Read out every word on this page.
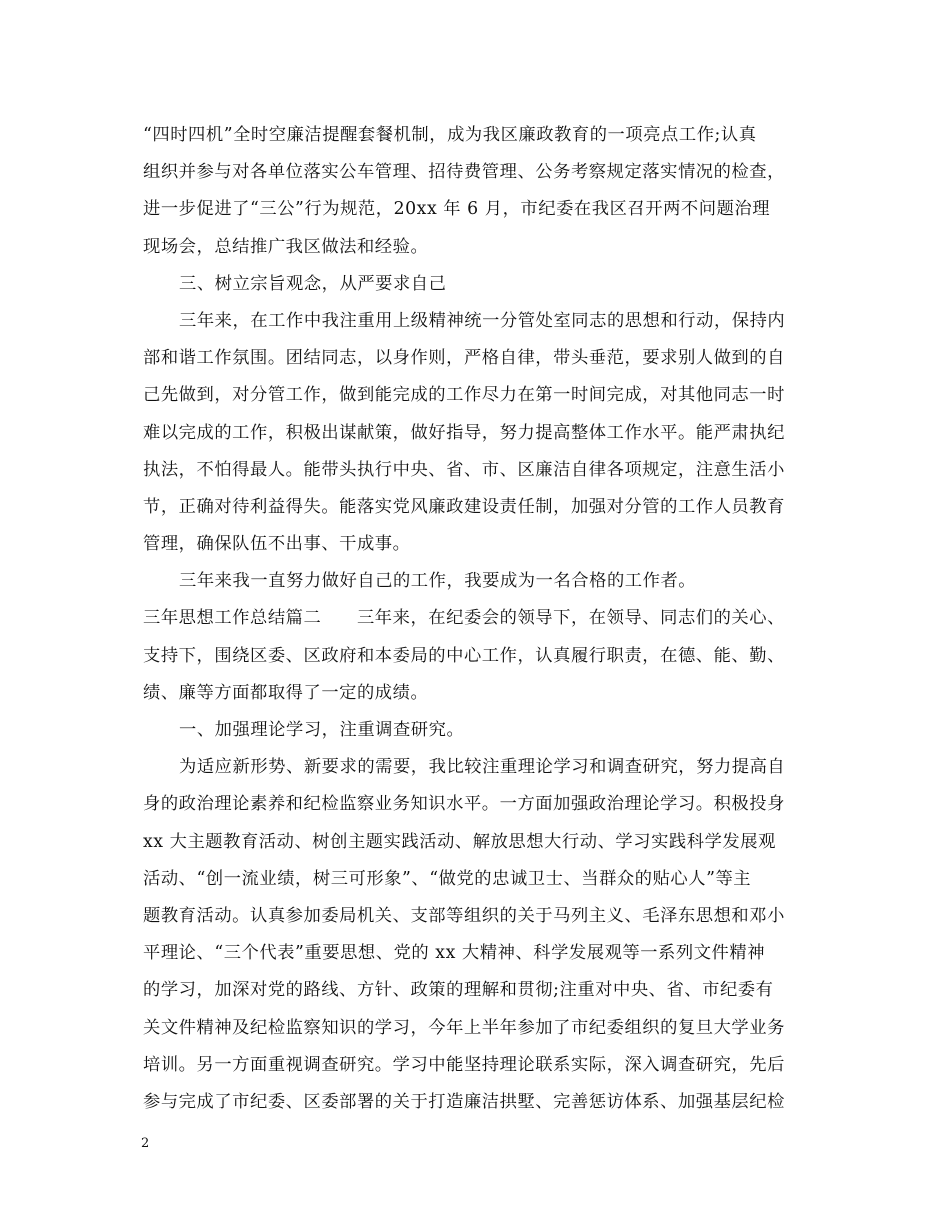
“四时四机”全时空廉洁提醒套餐机制，成为我区廉政教育的一项亮点工作;认真
组织并参与对各单位落实公车管理、招待费管理、公务考察规定落实情况的检查，
进一步促进了“三公”行为规范，20xx 年 6 月，市纪委在我区召开两不问题治理
现场会，总结推广我区做法和经验。
三、树立宗旨观念，从严要求自己
三年来，在工作中我注重用上级精神统一分管处室同志的思想和行动，保持内
部和谐工作氛围。团结同志，以身作则，严格自律，带头垂范，要求别人做到的自
己先做到，对分管工作，做到能完成的工作尽力在第一时间完成，对其他同志一时
难以完成的工作，积极出谋献策，做好指导，努力提高整体工作水平。能严肃执纪
执法，不怕得最人。能带头执行中央、省、市、区廉洁自律各项规定，注意生活小
节，正确对待利益得失。能落实党风廉政建设责任制，加强对分管的工作人员教育
管理，确保队伍不出事、干成事。
三年来我一直努力做好自己的工作，我要成为一名合格的工作者。
三年思想工作总结篇二　　三年来，在纪委会的领导下，在领导、同志们的关心、
支持下，围绕区委、区政府和本委局的中心工作，认真履行职责，在德、能、勤、
绩、廉等方面都取得了一定的成绩。
一、加强理论学习，注重调查研究。
为适应新形势、新要求的需要，我比较注重理论学习和调查研究，努力提高自
身的政治理论素养和纪检监察业务知识水平。一方面加强政治理论学习。积极投身
xx 大主题教育活动、树创主题实践活动、解放思想大行动、学习实践科学发展观
活动、“创一流业绩，树三可形象”、“做党的忠诚卫士、当群众的贴心人”等主
题教育活动。认真参加委局机关、支部等组织的关于马列主义、毛泽东思想和邓小
平理论、“三个代表”重要思想、党的 xx 大精神、科学发展观等一系列文件精神
的学习，加深对党的路线、方针、政策的理解和贯彻;注重对中央、省、市纪委有
关文件精神及纪检监察知识的学习，今年上半年参加了市纪委组织的复旦大学业务
培训。另一方面重视调查研究。学习中能坚持理论联系实际，深入调查研究，先后
参与完成了市纪委、区委部署的关于打造廉洁拱墅、完善惩访体系、加强基层纪检
2
